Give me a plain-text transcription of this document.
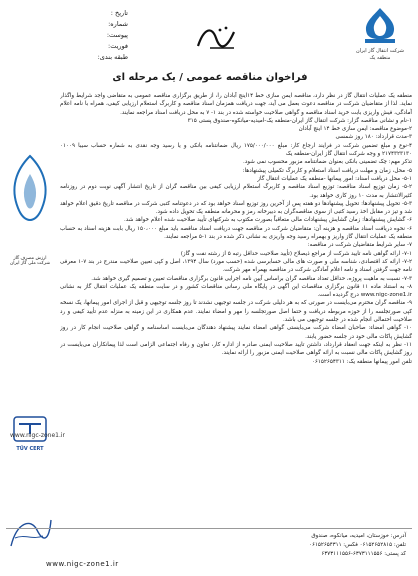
تاریخ :
شماره:
پیوست:
فوریت:
طبقه بندی:
شرکت انتقال گاز ایران
منطقه یک
فراخوان مناقصه عمومی / یک مرحله ای
ارزش مصرف گاز
شرکت ملی گاز ایران
TÜV CERT
www.nigc-zone1.ir

منطقه یک عملیات انتقال گاز در نظر دارد، مناقصه ایمن سازی خط ۱۴اینچ آبادان را، از طریق برگزاری مناقصه عمومی به متقاضی واجد شرایط واگذار نماید. لذا از متقاضیان شرکت در مناقصه دعوت بعمل می آید، جهت دریافت همزمان اسناد مناقصه و کاربرگ استعلام ارزیابی کیفی، همراه با نامه اعلام آمادگی، فیش واریزی بابت خرید اسناد مناقصه و گواهی صلاحیت خواسته شده در بند ۱- ۷ به محل دریافت اسناد مراجعه نمایند.

۱-نام و نشانی مناقصه گزار: شرکت انتقال گاز ایران-منطقه یک-امیدیه-میانکوه-صندوق پستی ۳۱۵

۲-موضوع مناقصه: ایمن سازی خط ۱۴ اینچ آبادان

۳-مدت قرارداد: ۱۸۰ روز شمسی

۴-نوع و مبلغ تضمین شرکت در فرایند ارجاع کار: مبلغ ۱۷۵/۰۰۰/۰۰۰ ریال ضمانتنامه بانکی و یا رسید وجه نقدی به شماره حساب سیبا ۰۱۰۰۹ ۲۱۷۴۳۲۳۱۳۰ و وجه شرکت انتقال گاز ایران-منطقه یک

تذکر مهم: چک تضمینی بانکی بعنوان ضمانتنامه مزبور محسوب نمی شود.

۵- محل، زمان و مهلت دریافت اسناد استعلام و کاربرگ تکمیلی پیشنهادها:

۵-۱- محل دریافت اسناد: امور پیمانها -منطقه یک عملیات انتقال گاز

۵-۲- زمان توزیع اسناد مناقصه: توزیع اسناد مناقصه و کاربرگ استعلام ارزیابی کیفی بین مناقصه گران از تاریخ انتشار آگهی نوبت دوم در روزنامه کثیرالانتشار به مدت ۱۰ روز کاری خواهد بود.

۵-۳- تحویل پیشنهادها: تحویل پیشنهادها دو هفته پس از آخرین روز توزیع اسناد خواهد بود که در دعوتنامه کتبی شرکت در مناقصه تاریخ دقیق اعلام خواهد شد و تیز در مقابل اخذ رسید کتبی از سوی مناقصه‌گران به دبیرخانه رمز و محرمانه منطقه یک تحویل داده شود.

۶- گشایش پیشنهادها: زمان گشایش پیشنهادات مالی متعاقباً بصورت مکتوب به شرکتهای تأیید صلاحیت شده اعلام خواهد شد.

۶- نحوه دریافت اسناد مناقصه و هزینه آن: متقاضیان شرکت در مناقصه جهت دریافت اسناد مناقصه باید مبلغ ۱۵۰،۰۰۰ ریال بابت هزینه اسناد به حساب منطقه یک عملیات انتقال گاز واریز و بهمراه رسید وجه واریزی به نشانی ذکر شده در بند ۱-۵ مراجعه نمایند.

۷- سایر شرایط متقاضیان شرکت در مناقصه:

۷-۱- ارائه گواهی نامه تایید شرکت از مراجع ذیصلاح (تأیید صلاحیت حداقل رتبه ۵ از رشته نفت و گاز)

۷-۲- ارائه کد اقتصادی، شناسه ملی و صورت های مالی حسابرسی شده (حسب مورد) سال ۱۳۹۴، اصل و کپی تعیین صلاحیت مندرج در بند ۷-۱ معرفی نامه جهت گرفتن اسناد و نامه اعلام آمادگی شرکت در مناقصه بهمراه مهر شرکت.

۷-۳- نسبت به ماهیت پروژه، حداقل تعداد مناقصه گران براساس آیین نامه اجرایی قانون برگزاری مناقصات تعیین و تصمیم گیری خواهد شد.

۸- به استناد ماده ۱۱ قانون برگزاری مناقصات این آگهی در پایگاه ملی رسانی مناقصات کشور و در سایت منطقه یک عملیات انتقال گاز به نشانی www.nigc-zone1.ir درج گردیده است.

۹- مناقصه گران محترم می‌بایست در صورتی که به هر دلیلی شرکت در جلسه توجیهی نشدند تا روز جلسه توجیهی و قبل از اجرای امور پیمانها، یک نسخه کپی صورتجلسه را از حوزه مربوطه دریافت و حتما اصل صورتجلسه را مهر و امضاء نمایند. عدم همکاری در این زمینه به منزله عدم تأیید کیفی و رد صلاحیت احتمالی انجام شده در جلسه توجیهی می باشد.

۱۰- گواهی امضاء: صاحبان امضاء شرکت می‌بایستی گواهی امضاء نمایند پیشنهاد دهندگان می‌بایست اساسنامه و گواهی صلاحیت انجام کار در روز گشایش پاکات مالی خود در جلسه حضور یابند.

۱۱- نظر به اینکه جهت انعقاد قرارداد، داشتن تایید صلاحیت ایمنی صادره از اداره کار، تعاون و رفاه اجتماعی الزامی است لذا پیمانکاران می‌بایست در روز گشایش پاکات مالی نسبت به ارائه گواهی صلاحیت ایمنی مزبور را ارائه نمایند.

تلفن امور پیمانها منطقه یک: ۰۶۱۵۲۶۵۴۳۱۱

آدرس: خوزستان، امیدیه، میانکوه، صندوق
تلفن: ۰۶۱۵۲۶۵۲۸۱۵ فکس: ۰۶۱۵۲۶۵۴۳۱۱
کد پستی: ۶۳۷۳۱۱۱۵۵۶-۶۳۷۳۱۱۱۵۵۶
www.nigc-zone1.ir
